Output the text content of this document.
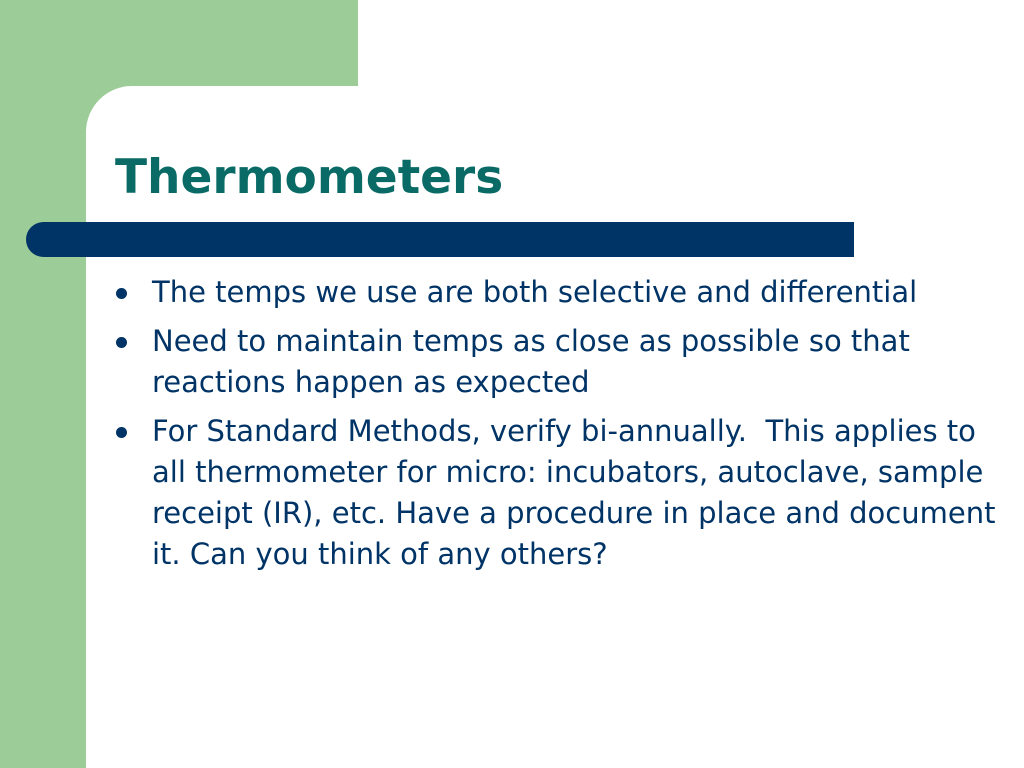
Thermometers
The temps we use are both selective and differential
Need to maintain temps as close as possible so that reactions happen as expected
For Standard Methods, verify bi-annually.  This applies to all thermometer for micro: incubators, autoclave, sample receipt (IR), etc. Have a procedure in place and document it. Can you think of any others?
